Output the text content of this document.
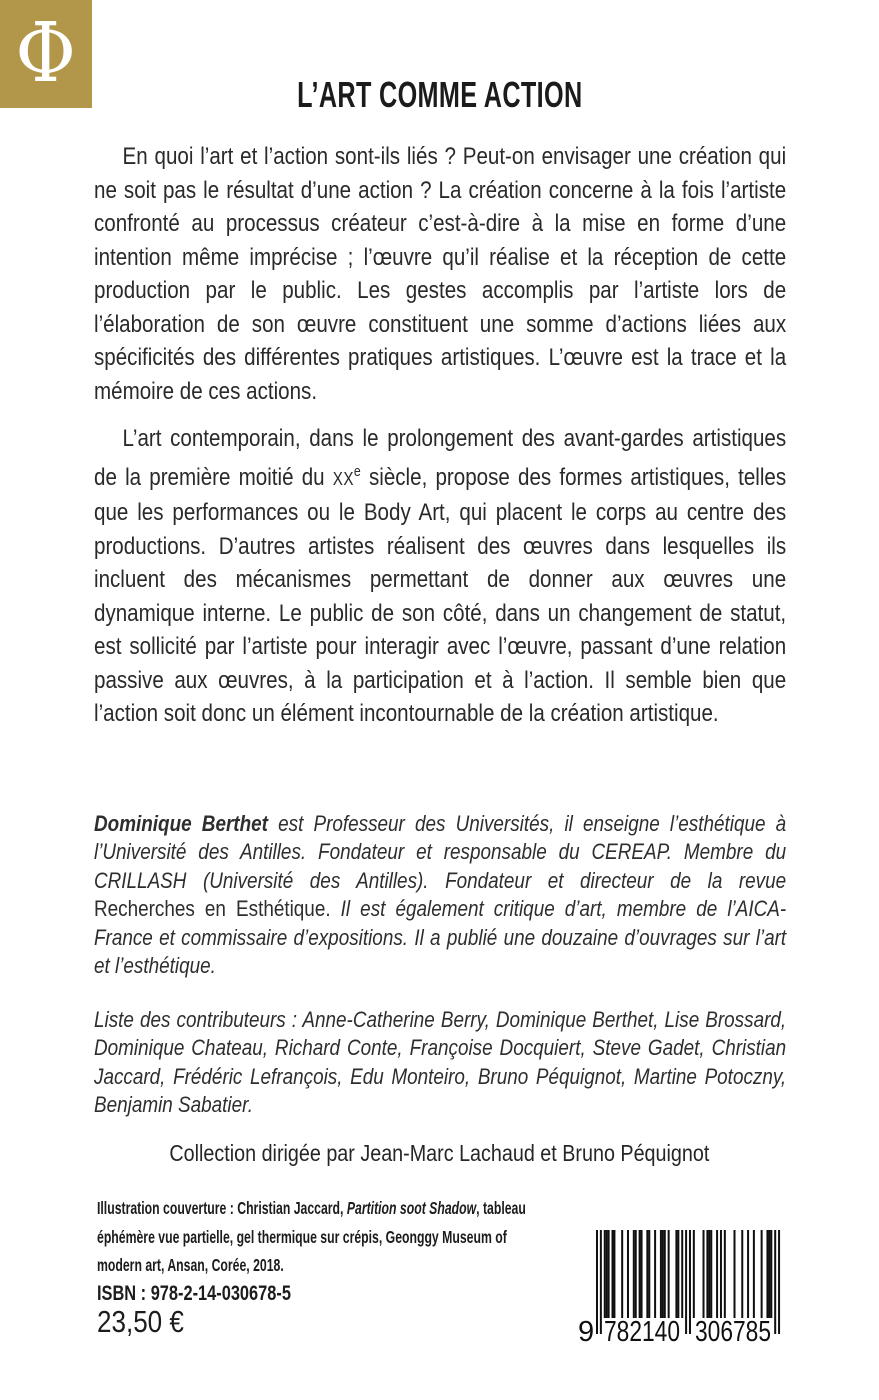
Φ	L’ART COMME ACTION

En quoi l’art et l’action sont-ils liés ? Peut-on envisager une création qui ne soit pas le résultat d’une action ? La création concerne à la fois l’artiste confronté au processus créateur c’est-à-dire à la mise en forme d’une intention même imprécise ; l’œuvre qu’il réalise et la réception de cette production par le public. Les gestes accomplis par l’artiste lors de l’élaboration de son œuvre constituent une somme d’actions liées aux spécificités des différentes pratiques artistiques. L’œuvre est la trace et la mémoire de ces actions.

L’art contemporain, dans le prolongement des avant-gardes artistiques de la première moitié du XXe siècle, propose des formes artistiques, telles que les performances ou le Body Art, qui placent le corps au centre des productions. D’autres artistes réalisent des œuvres dans lesquelles ils incluent des mécanismes permettant de donner aux œuvres une dynamique interne. Le public de son côté, dans un changement de statut, est sollicité par l’artiste pour interagir avec l’œuvre, passant d’une relation passive aux œuvres, à la participation et à l’action. Il semble bien que l’action soit donc un élément incontournable de la création artistique.

Dominique Berthet est Professeur des Universités, il enseigne l’esthétique à l’Université des Antilles. Fondateur et responsable du CEREAP. Membre du CRILLASH (Université des Antilles). Fondateur et directeur de la revue Recherches en Esthétique. Il est également critique d’art, membre de l’AICA-France et commissaire d’expositions. Il a publié une douzaine d’ouvrages sur l’art et l’esthétique.
Liste des contributeurs : Anne-Catherine Berry, Dominique Berthet, Lise Brossard, Dominique Chateau, Richard Conte, Françoise Docquiert, Steve Gadet, Christian Jaccard, Frédéric Lefrançois, Edu Monteiro, Bruno Péquignot, Martine Potoczny, Benjamin Sabatier.
Collection dirigée par Jean-Marc Lachaud et Bruno Péquignot
Illustration couverture : Christian Jaccard, Partition soot Shadow, tableau éphémère vue partielle, gel thermique sur crépis, Geonggy Museum of modern art, Ansan, Corée, 2018.
ISBN : 978-2-14-030678-5
23,50 €	9 782140 306785
